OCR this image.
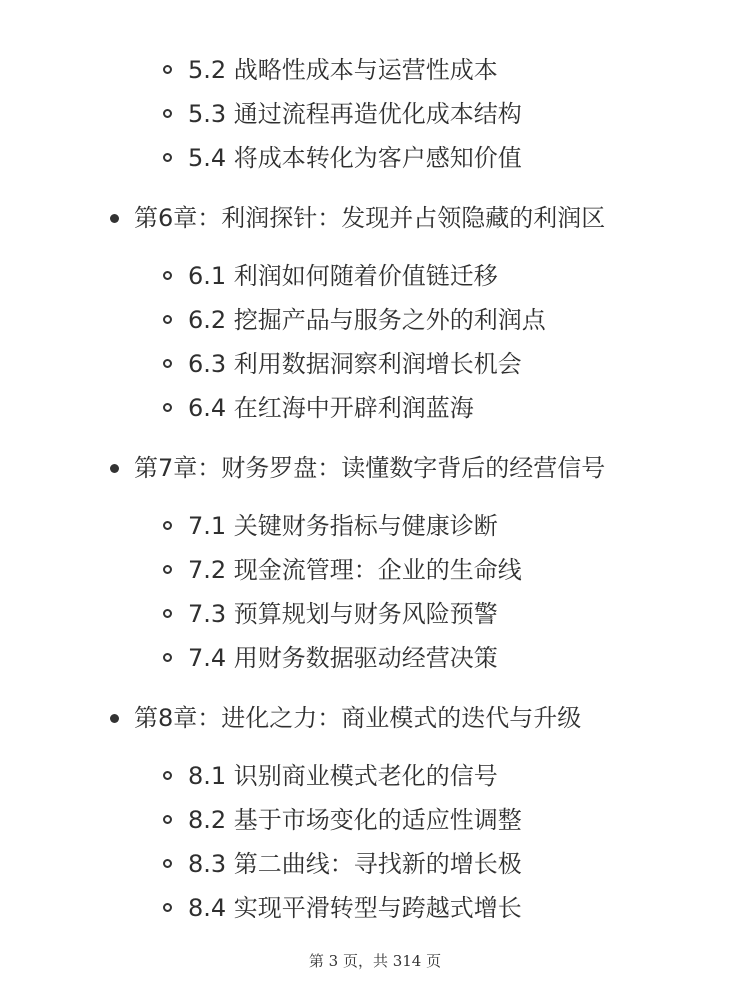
5.2 战略性成本与运营性成本
5.3 通过流程再造优化成本结构
5.4 将成本转化为客户感知价值
第6章：利润探针：发现并占领隐藏的利润区
6.1 利润如何随着价值链迁移
6.2 挖掘产品与服务之外的利润点
6.3 利用数据洞察利润增长机会
6.4 在红海中开辟利润蓝海
第7章：财务罗盘：读懂数字背后的经营信号
7.1 关键财务指标与健康诊断
7.2 现金流管理：企业的生命线
7.3 预算规划与财务风险预警
7.4 用财务数据驱动经营决策
第8章：进化之力：商业模式的迭代与升级
8.1 识别商业模式老化的信号
8.2 基于市场变化的适应性调整
8.3 第二曲线：寻找新的增长极
8.4 实现平滑转型与跨越式增长
第 3 页，共 314 页
